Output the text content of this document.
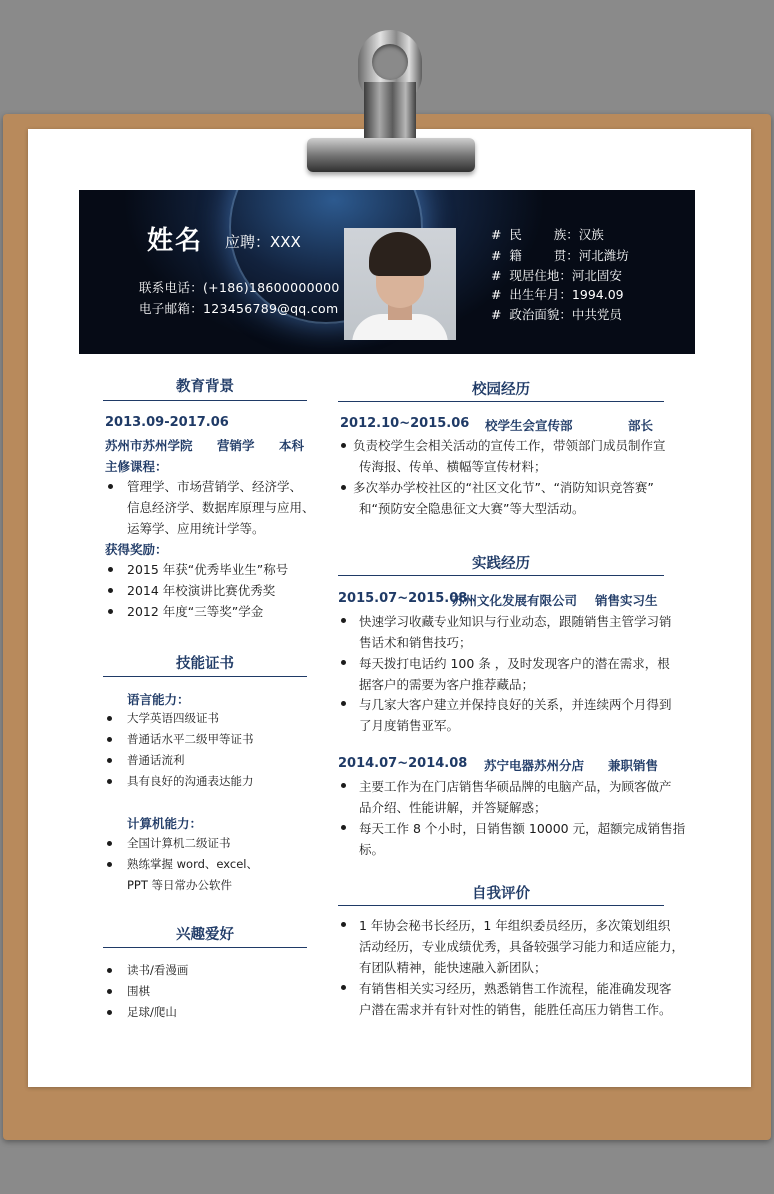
姓名 应聘：XXX
联系电话：(+186)18600000000
电子邮箱：123456789@qq.com
#  民        族：汉族
#  籍        贯：河北潍坊
#  现居住地：河北固安
#  出生年月：1994.09
#  政治面貌：中共党员
教育背景
2013.09-2017.06
苏州市苏州学院 营销学 本科
主修课程：
管理学、市场营销学、经济学、
信息经济学、数据库原理与应用、
运筹学、应用统计学等。
获得奖励：
2015 年获“优秀毕业生”称号
2014 年校演讲比赛优秀奖
2012 年度“三等奖”学金
技能证书
语言能力：
大学英语四级证书
普通话水平二级甲等证书
普通话流利
具有良好的沟通表达能力
计算机能力：
全国计算机二级证书
熟练掌握 word、excel、
PPT 等日常办公软件
兴趣爱好
读书/看漫画
围棋
足球/爬山
校园经历
2012.10~2015.06 校学生会宣传部	部长
负责校学生会相关活动的宣传工作，带领部门成员制作宣
传海报、传单、横幅等宣传材料；
多次举办学校社区的“社区文化节”、“消防知识竞答赛”
和“预防安全隐患征文大赛”等大型活动。
实践经历
2015.07~2015.08
苏州文化发展有限公司 销售实习生
快速学习收藏专业知识与行业动态，跟随销售主管学习销
售话术和销售技巧；
每天拨打电话约 100 条 ，及时发现客户的潜在需求，根
据客户的需要为客户推荐藏品；
与几家大客户建立并保持良好的关系，并连续两个月得到
了月度销售亚军。
2014.07~2014.08 苏宁电器苏州分店 兼职销售
主要工作为在门店销售华硕品牌的电脑产品，为顾客做产
品介绍、性能讲解，并答疑解惑；
每天工作 8 个小时，日销售额 10000 元，超额完成销售指
标。
自我评价
1 年协会秘书长经历，1 年组织委员经历，多次策划组织
活动经历，专业成绩优秀，具备较强学习能力和适应能力，
有团队精神，能快速融入新团队；
有销售相关实习经历，熟悉销售工作流程，能准确发现客
户潜在需求并有针对性的销售，能胜任高压力销售工作。
